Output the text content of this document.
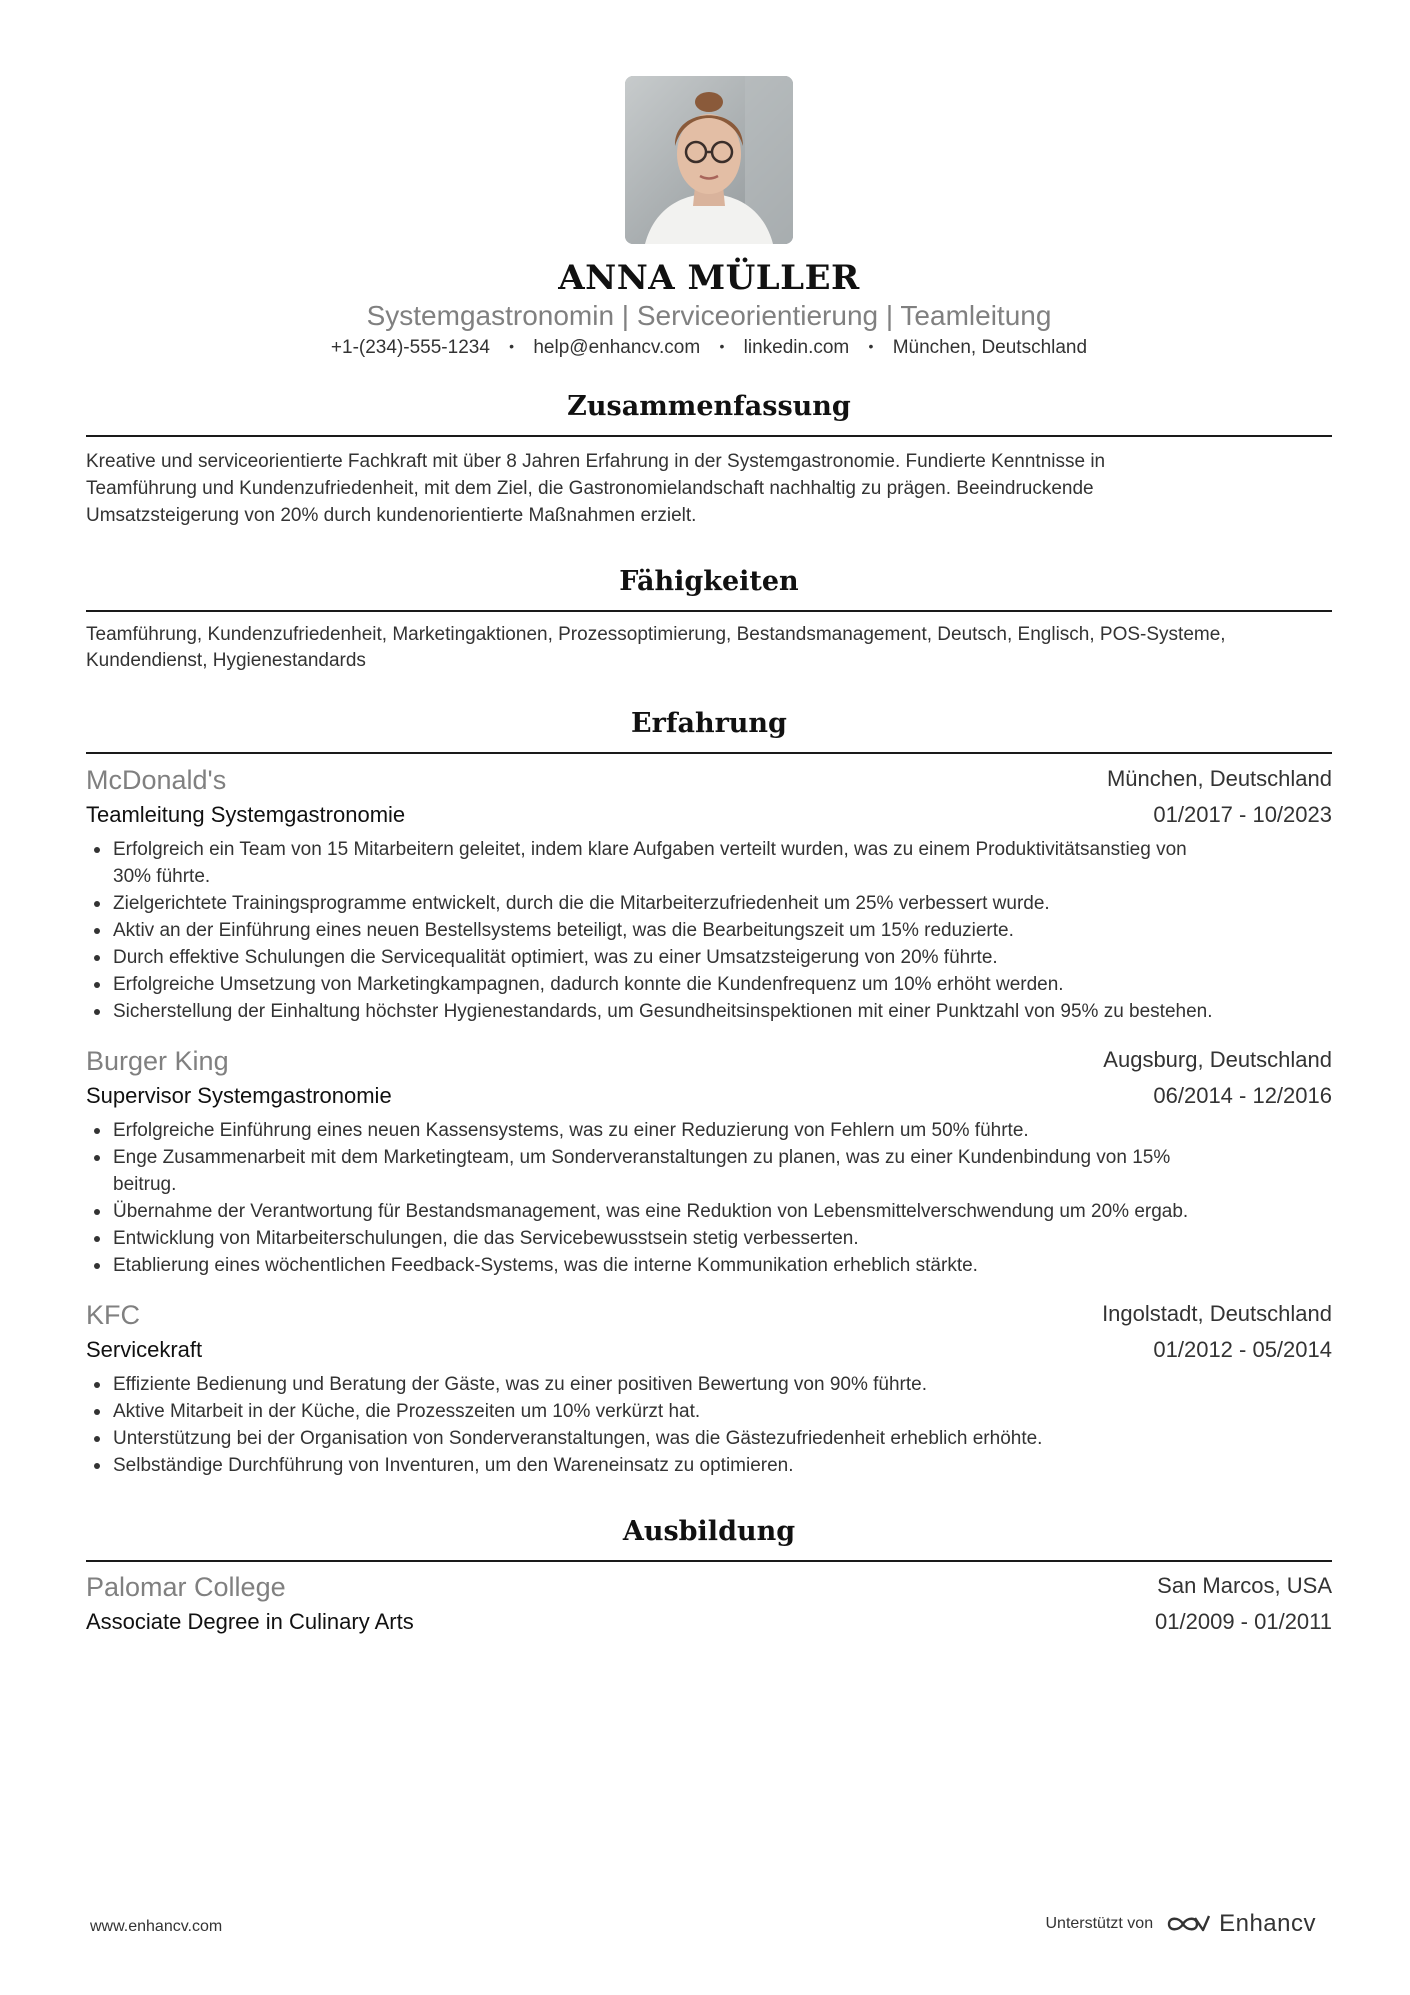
ANNA MÜLLER
Systemgastronomin | Serviceorientierung | Teamleitung
+1-(234)-555-1234 • help@enhancv.com • linkedin.com • München, Deutschland
Zusammenfassung
Kreative und serviceorientierte Fachkraft mit über 8 Jahren Erfahrung in der Systemgastronomie. Fundierte Kenntnisse in
Teamführung und Kundenzufriedenheit, mit dem Ziel, die Gastronomielandschaft nachhaltig zu prägen. Beeindruckende
Umsatzsteigerung von 20% durch kundenorientierte Maßnahmen erzielt.
Fähigkeiten
Teamführung, Kundenzufriedenheit, Marketingaktionen, Prozessoptimierung, Bestandsmanagement, Deutsch, Englisch, POS-Systeme,
Kundendienst, Hygienestandards
Erfahrung
McDonald's	München, Deutschland
Teamleitung Systemgastronomie	01/2017 - 10/2023
Erfolgreich ein Team von 15 Mitarbeitern geleitet, indem klare Aufgaben verteilt wurden, was zu einem Produktivitätsanstieg von
30% führte.
Zielgerichtete Trainingsprogramme entwickelt, durch die die Mitarbeiterzufriedenheit um 25% verbessert wurde.
Aktiv an der Einführung eines neuen Bestellsystems beteiligt, was die Bearbeitungszeit um 15% reduzierte.
Durch effektive Schulungen die Servicequalität optimiert, was zu einer Umsatzsteigerung von 20% führte.
Erfolgreiche Umsetzung von Marketingkampagnen, dadurch konnte die Kundenfrequenz um 10% erhöht werden.
Sicherstellung der Einhaltung höchster Hygienestandards, um Gesundheitsinspektionen mit einer Punktzahl von 95% zu bestehen.
Burger King	Augsburg, Deutschland
Supervisor Systemgastronomie	06/2014 - 12/2016
Erfolgreiche Einführung eines neuen Kassensystems, was zu einer Reduzierung von Fehlern um 50% führte.
Enge Zusammenarbeit mit dem Marketingteam, um Sonderveranstaltungen zu planen, was zu einer Kundenbindung von 15%
beitrug.
Übernahme der Verantwortung für Bestandsmanagement, was eine Reduktion von Lebensmittelverschwendung um 20% ergab.
Entwicklung von Mitarbeiterschulungen, die das Servicebewusstsein stetig verbesserten.
Etablierung eines wöchentlichen Feedback-Systems, was die interne Kommunikation erheblich stärkte.
KFC	Ingolstadt, Deutschland
Servicekraft	01/2012 - 05/2014
Effiziente Bedienung und Beratung der Gäste, was zu einer positiven Bewertung von 90% führte.
Aktive Mitarbeit in der Küche, die Prozesszeiten um 10% verkürzt hat.
Unterstützung bei der Organisation von Sonderveranstaltungen, was die Gästezufriedenheit erheblich erhöhte.
Selbständige Durchführung von Inventuren, um den Wareneinsatz zu optimieren.
Ausbildung
Palomar College	San Marcos, USA
Associate Degree in Culinary Arts	01/2009 - 01/2011
www.enhancv.com	Unterstützt von	Enhancv
